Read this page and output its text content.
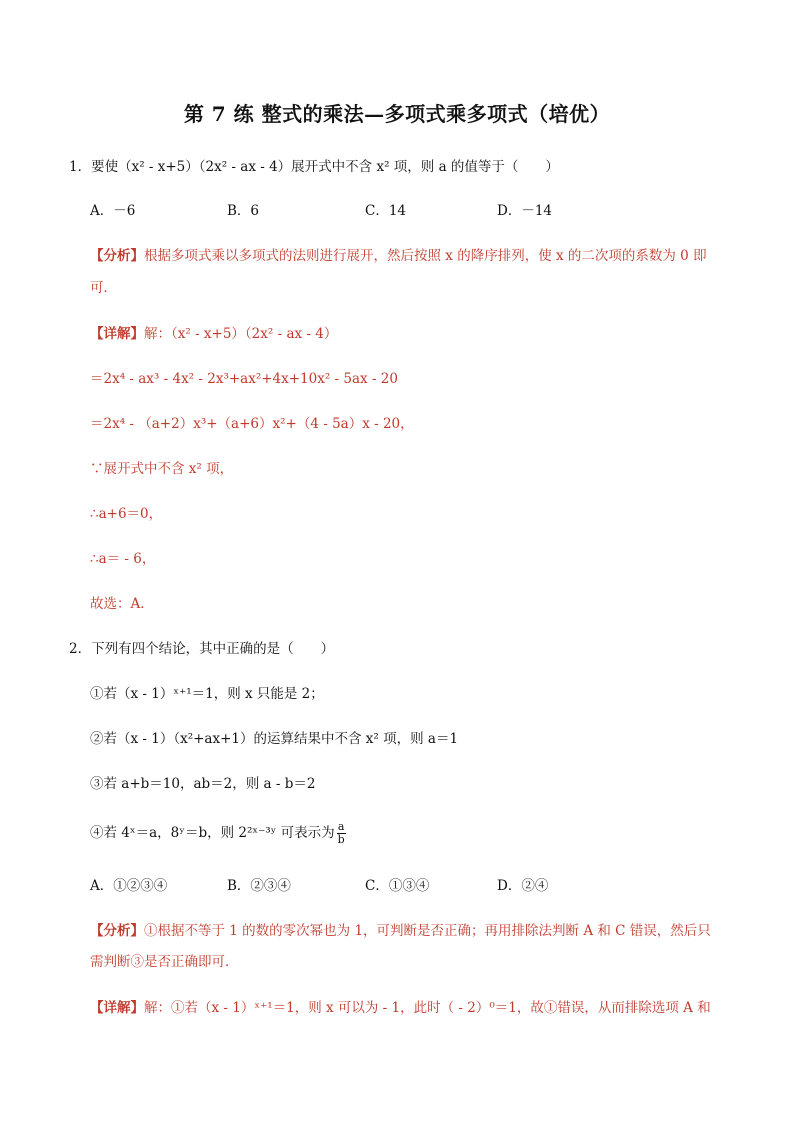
第 7 练 整式的乘法—多项式乘多项式（培优）
1．要使（x² - x+5）（2x² - ax - 4）展开式中不含 x² 项，则 a 的值等于（　　）
A．－6	B．6	C．14	D．－14
【分析】根据多项式乘以多项式的法则进行展开，然后按照 x 的降序排列，使 x 的二次项的系数为 0 即
可．
【详解】解：（x² - x+5）（2x² - ax - 4）
＝2x⁴ - ax³ - 4x² - 2x³+ax²+4x+10x² - 5ax - 20
＝2x⁴ - （a+2）x³+（a+6）x²+（4 - 5a）x - 20，
∵展开式中不含 x² 项，
∴a+6＝0，
∴a＝ - 6，
故选：A．
2．下列有四个结论，其中正确的是（　　）
①若（x - 1）ˣ⁺¹＝1，则 x 只能是 2；
②若（x - 1）（x²+ax+1）的运算结果中不含 x² 项，则 a＝1
③若 a+b＝10，ab＝2，则 a - b＝2
④若 4ˣ＝a，8ʸ＝b，则 2²ˣ⁻³ʸ 可表示为 $\frac{a}{b}$
A．①②③④	B．②③④	C．①③④	D．②④
【分析】①根据不等于 1 的数的零次幂也为 1，可判断是否正确；再用排除法判断 A 和 C 错误，然后只
需判断③是否正确即可．
【详解】解：①若（x - 1）ˣ⁺¹＝1，则 x 可以为 - 1，此时（ - 2）⁰＝1，故①错误，从而排除选项 A 和
